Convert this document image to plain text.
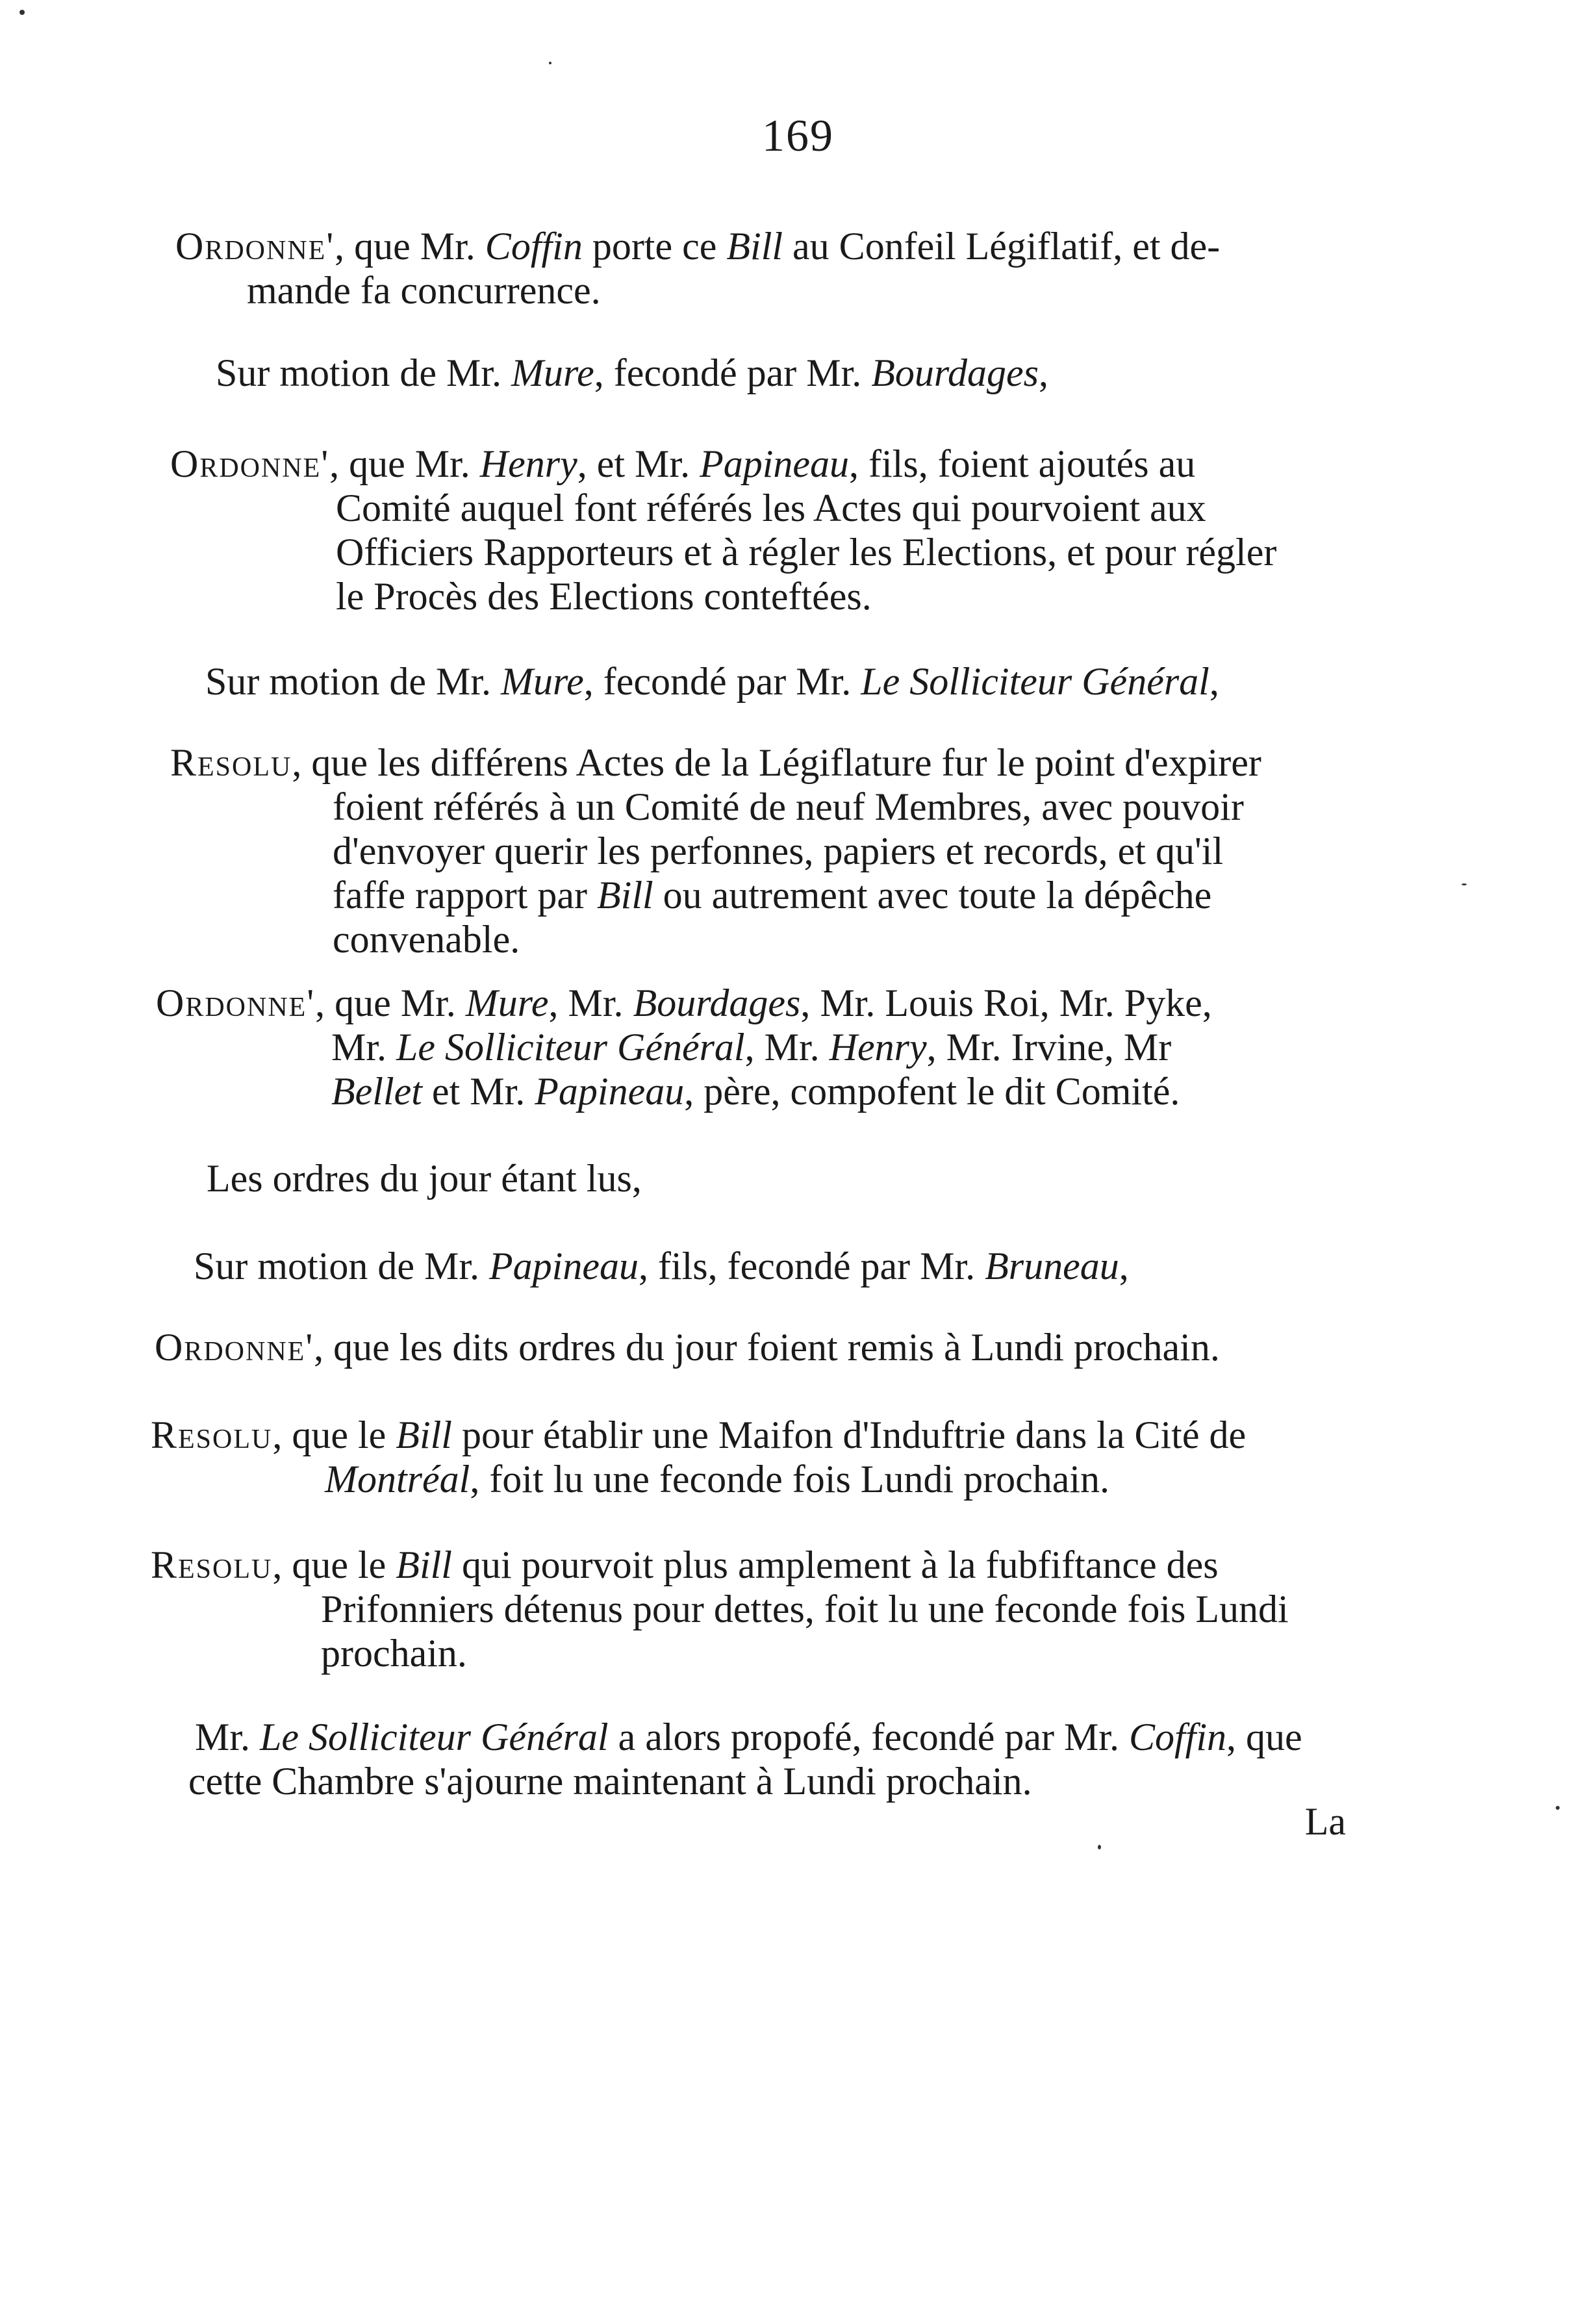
169
Ordonne', que Mr. Coffin porte ce Bill au Confeil Légiflatif, et de-
mande fa concurrence.
Sur motion de Mr. Mure, fecondé par Mr. Bourdages,
Ordonne', que Mr. Henry, et Mr. Papineau, fils, foient ajoutés au
Comité auquel font référés les Actes qui pourvoient aux
Officiers Rapporteurs et à régler les Elections, et pour régler
le Procès des Elections conteftées.
Sur motion de Mr. Mure, fecondé par Mr. Le Solliciteur Général,
Resolu, que les différens Actes de la Légiflature fur le point d'expirer
foient référés à un Comité de neuf Membres, avec pouvoir
d'envoyer querir les perfonnes, papiers et records, et qu'il
faffe rapport par Bill ou autrement avec toute la dépêche
convenable.
Ordonne', que Mr. Mure, Mr. Bourdages, Mr. Louis Roi, Mr. Pyke,
Mr. Le Solliciteur Général, Mr. Henry, Mr. Irvine, Mr
Bellet et Mr. Papineau, père, compofent le dit Comité.
Les ordres du jour étant lus,
Sur motion de Mr. Papineau, fils, fecondé par Mr. Bruneau,
Ordonne', que les dits ordres du jour foient remis à Lundi prochain.
Resolu, que le Bill pour établir une Maifon d'Induftrie dans la Cité de
Montréal, foit lu une feconde fois Lundi prochain.
Resolu, que le Bill qui pourvoit plus amplement à la fubfiftance des
Prifonniers détenus pour dettes, foit lu une feconde fois Lundi
prochain.
Mr. Le Solliciteur Général a alors propofé, fecondé par Mr. Coffin, que
cette Chambre s'ajourne maintenant à Lundi prochain.
La
